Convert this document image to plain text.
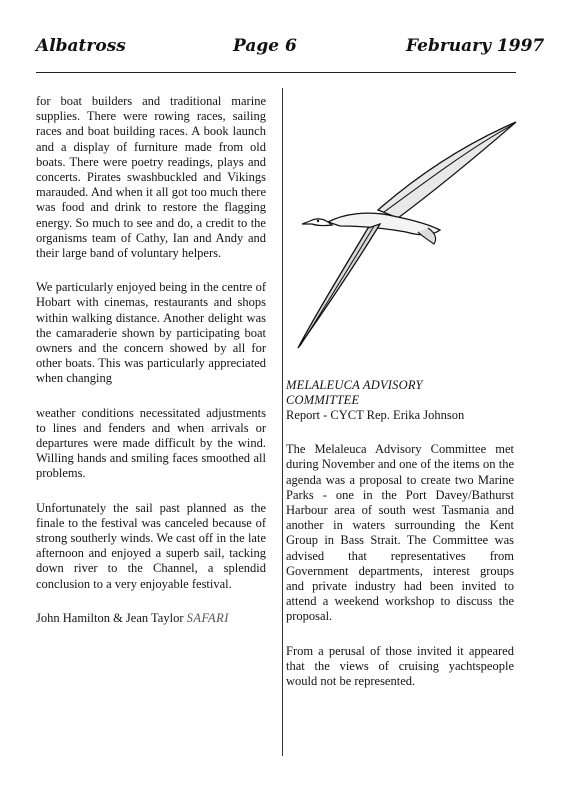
Albatross	Page 6	February 1997

for boat builders and traditional marine supplies. There were rowing races, sailing races and boat building races. A book launch and a display of furniture made from old boats. There were poetry readings, plays and concerts. Pirates swashbuckled and Vikings marauded. And when it all got too much there was food and drink to restore the flagging energy. So much to see and do, a credit to the organisms team of Cathy, Ian and Andy and their large band of voluntary helpers.

We particularly enjoyed being in the centre of Hobart with cinemas, restaurants and shops within walking distance. Another delight was the camaraderie shown by participating boat owners and the concern showed by all for other boats. This was particularly appreciated when changing

weather conditions necessitated adjustments to lines and fenders and when arrivals or departures were made difficult by the wind. Willing hands and smiling faces smoothed all problems.

Unfortunately the sail past planned as the finale to the festival was canceled because of strong southerly winds. We cast off in the late afternoon and enjoyed a superb sail, tacking down river to the Channel, a splendid conclusion to a very enjoyable festival.

John Hamilton & Jean Taylor SAFARI

MELALEUCA ADVISORY
COMMITTEE
Report - CYCT Rep. Erika Johnson

The Melaleuca Advisory Committee met during November and one of the items on the agenda was a proposal to create two Marine Parks - one in the Port Davey/Bathurst Harbour area of south west Tasmania and another in waters surrounding the Kent Group in Bass Strait. The Committee was advised that representatives from Government departments, interest groups and private industry had been invited to attend a weekend workshop to discuss the proposal.

From a perusal of those invited it appeared that the views of cruising yachtspeople would not be represented.
